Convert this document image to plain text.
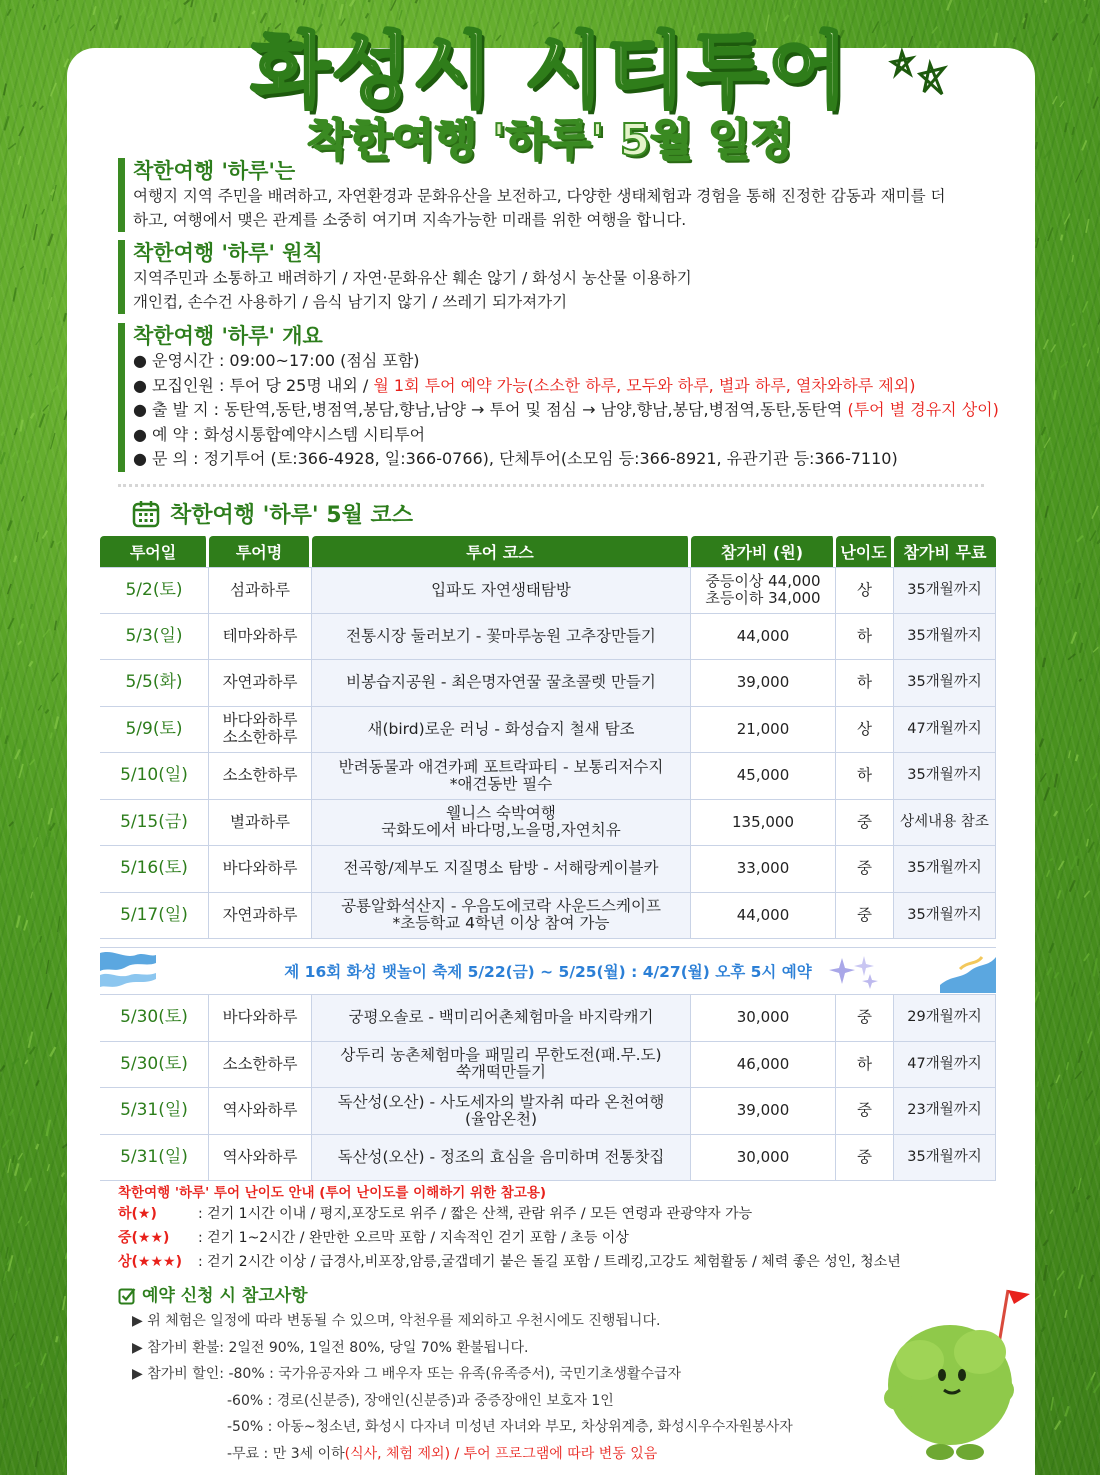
화성시 시티투어
착한여행 '하루' 5월 일정
착한여행 '하루'는

여행지 지역 주민을 배려하고, 자연환경과 문화유산을 보전하고, 다양한 생태체험과 경험을 통해 진정한 감동과 재미를 더

하고, 여행에서 맺은 관계를 소중히 여기며 지속가능한 미래를 위한 여행을 합니다.

착한여행 '하루' 원칙

지역주민과 소통하고 배려하기 / 자연·문화유산 훼손 않기 / 화성시 농산물 이용하기

개인컵, 손수건 사용하기 / 음식 남기지 않기 / 쓰레기 되가져가기

착한여행 '하루' 개요
● 운영시간 : 09:00~17:00 (점심 포함)
● 모집인원 : 투어 당 25명 내외 / 월 1회 투어 예약 가능(소소한 하루, 모두와 하루, 별과 하루, 열차와하루 제외)
● 출 발 지 : 동탄역,동탄,병점역,봉담,향남,남양 → 투어 및 점심 → 남양,향남,봉담,병점역,동탄,동탄역 (투어 별 경유지 상이)
● 예 약 : 화성시통합예약시스템 시티투어
● 문 의 : 정기투어 (토:366-4928, 일:366-0766), 단체투어(소모임 등:366-8921, 유관기관 등:366-7110)
착한여행 '하루' 5월 코스
투어일	투어명	투어 코스	참가비 (원)	난이도	참가비 무료

5/2(토)	섬과하루	입파도 자연생태탐방	중등이상 44,000
초등이하 34,000	상	35개월까지

5/3(일)	테마와하루	전통시장 둘러보기 - 꽃마루농원 고추장만들기	44,000	하	35개월까지

5/5(화)	자연과하루	비봉습지공원 - 최은명자연꿀 꿀초콜렛 만들기	39,000	하	35개월까지

5/9(토)	바다와하루
소소한하루	새(bird)로운 러닝 - 화성습지 철새 탐조	21,000	상	47개월까지

5/10(일)	소소한하루	반려동물과 애견카페 포트락파티 - 보통리저수지
*애견동반 필수	45,000	하	35개월까지

5/15(금)	별과하루	웰니스 숙박여행
국화도에서 바다멍,노을멍,자연치유	135,000	중	상세내용 참조

5/16(토)	바다와하루	전곡항/제부도 지질명소 탐방 - 서해랑케이블카	33,000	중	35개월까지

5/17(일)	자연과하루	공룡알화석산지 - 우음도에코락 사운드스케이프
*초등학교 4학년 이상 참여 가능	44,000	중	35개월까지
제 16회 화성 뱃놀이 축제 5/22(금) ~ 5/25(월) : 4/27(월) 오후 5시 예약
5/30(토)	바다와하루	궁평오솔로 - 백미리어촌체험마을 바지락캐기	30,000	중	29개월까지

5/30(토)	소소한하루	상두리 농촌체험마을 패밀리 무한도전(패.무.도)
쑥개떡만들기	46,000	하	47개월까지

5/31(일)	역사와하루	독산성(오산) - 사도세자의 발자취 따라 온천여행
(율암온천)	39,000	중	23개월까지

5/31(일)	역사와하루	독산성(오산) - 정조의 효심을 음미하며 전통찻집	30,000	중	35개월까지
착한여행 '하루' 투어 난이도 안내 (투어 난이도를 이해하기 위한 참고용)
하(★)	: 걷기 1시간 이내 / 평지,포장도로 위주 / 짧은 산책, 관람 위주 / 모든 연령과 관광약자 가능
중(★★)	: 걷기 1~2시간 / 완만한 오르막 포함 / 지속적인 걷기 포함 / 초등 이상
상(★★★)	: 걷기 2시간 이상 / 급경사,비포장,암릉,굴갭데기 붙은 돌길 포함 / 트레킹,고강도 체험활동 / 체력 좋은 성인, 청소년
예약 신청 시 참고사항
▶ 위 체험은 일정에 따라 변동될 수 있으며, 악천우를 제외하고 우천시에도 진행됩니다.
▶ 참가비 환불: 2일전 90%, 1일전 80%, 당일 70% 환불됩니다.
▶ 참가비 할인: -80% : 국가유공자와 그 배우자 또는 유족(유족증서), 국민기초생활수급자
-60% : 경로(신분증), 장애인(신분증)과 중증장애인 보호자 1인
-50% : 아동~청소년, 화성시 다자녀 미성년 자녀와 부모, 차상위계층, 화성시우수자원봉사자
-무료 : 만 3세 이하(식사, 체험 제외) / 투어 프로그램에 따라 변동 있음
